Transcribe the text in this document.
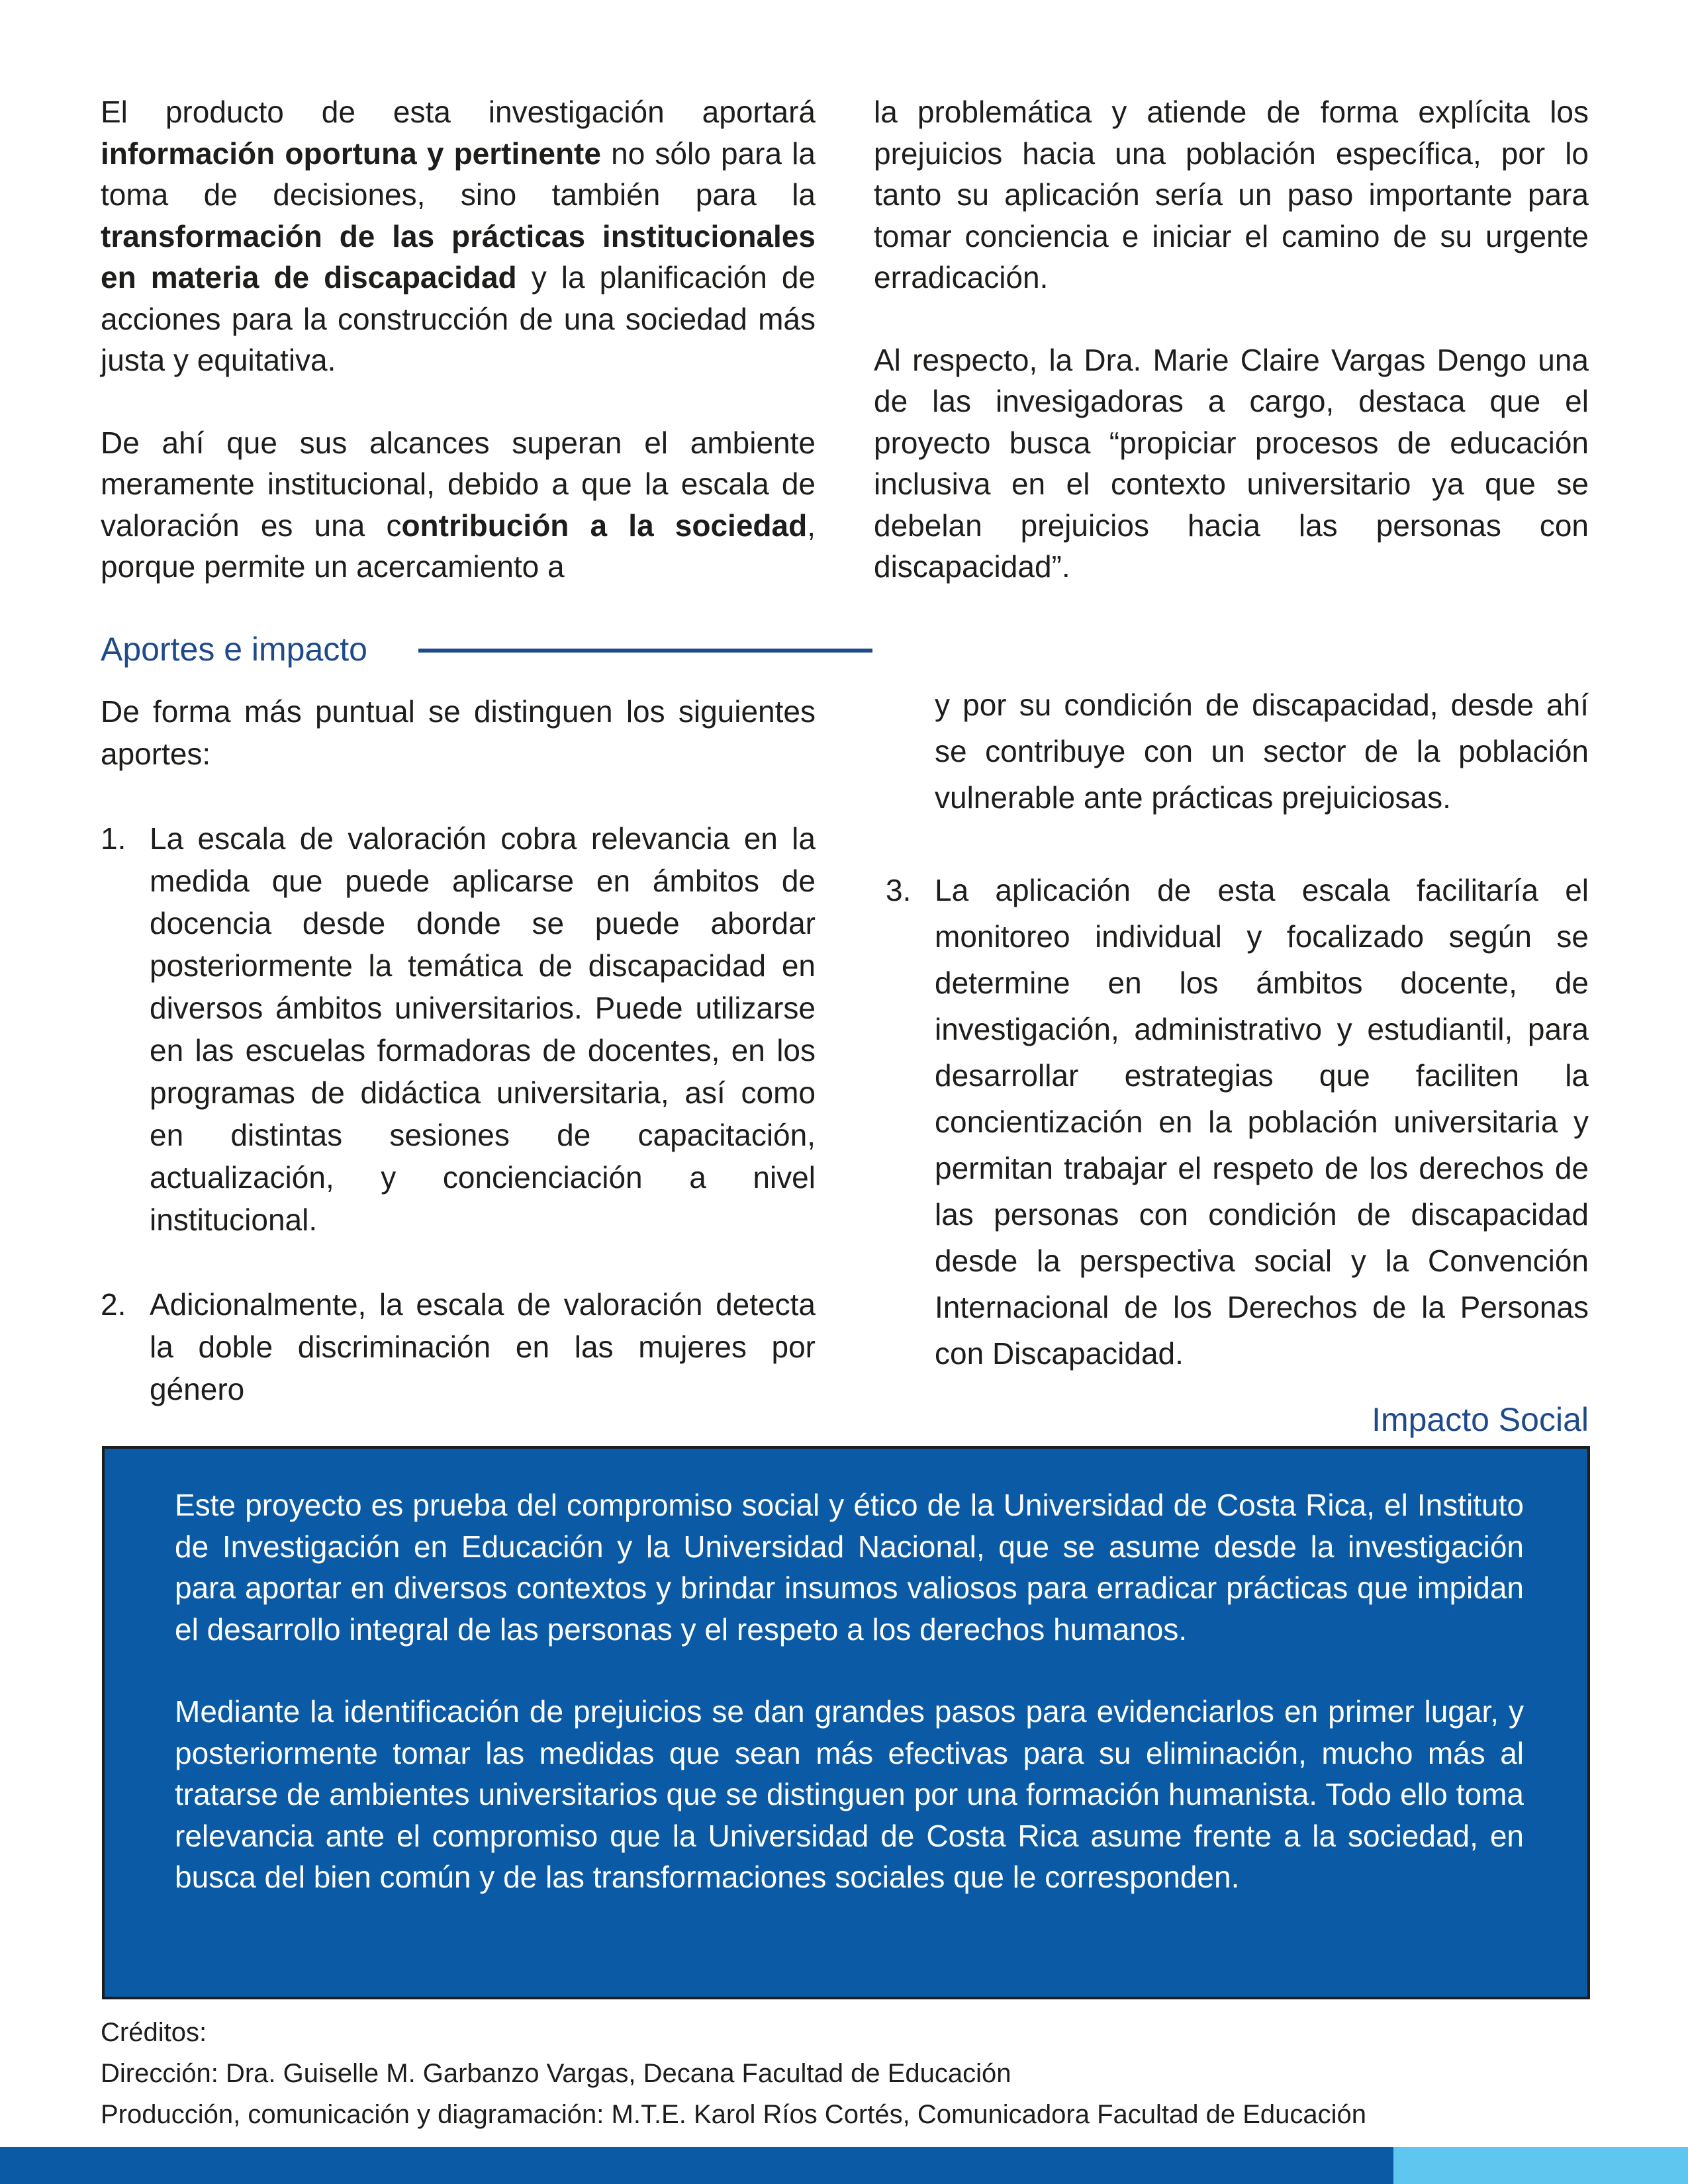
El producto de esta investigación aportará información oportuna y pertinente no sólo para la toma de decisiones, sino también para la transformación de las prácticas institucionales en materia de discapacidad y la planificación de acciones para la construcción de una sociedad más justa y equitativa.

De ahí que sus alcances superan el ambiente meramente institucional, debido a que la escala de valoración es una contribución a la sociedad, porque permite un acercamiento a

la problemática y atiende de forma explícita los prejuicios hacia una población específica, por lo tanto su aplicación sería un paso importante para tomar conciencia e iniciar el camino de su urgente erradicación.

Al respecto, la Dra. Marie Claire Vargas Dengo una de las invesigadoras a cargo, destaca que el proyecto busca “propiciar procesos de educación inclusiva en el contexto universitario ya que se debelan prejuicios hacia las personas con discapacidad”.

Aportes e impacto

De forma más puntual se distinguen los siguientes aportes:

1. La escala de valoración cobra relevancia en la medida que puede aplicarse en ámbitos de docencia desde donde se puede abordar posteriormente la temática de discapacidad en diversos ámbitos universitarios. Puede utilizarse en las escuelas formadoras de docentes, en los programas de didáctica universitaria, así como en distintas sesiones de capacitación, actualización, y concienciación a nivel institucional.
2. Adicionalmente, la escala de valoración detecta la doble discriminación en las mujeres por género

y por su condición de discapacidad, desde ahí se contribuye con un sector de la población vulnerable ante prácticas prejuiciosas.

3. La aplicación de esta escala facilitaría el monitoreo individual y focalizado según se determine en los ámbitos docente, de investigación, administrativo y estudiantil, para desarrollar estrategias que faciliten la concientización en la población universitaria y permitan trabajar el respeto de los derechos de las personas con condición de discapacidad desde la perspectiva social y la Convención Internacional de los Derechos de la Personas con Discapacidad.
Impacto Social

Este proyecto es prueba del compromiso social y ético de la Universidad de Costa Rica, el Instituto de Investigación en Educación y la Universidad Nacional, que se asume desde la investigación para aportar en diversos contextos y brindar insumos valiosos para erradicar prácticas que impidan el desarrollo integral de las personas y el respeto a los derechos humanos.

Mediante la identificación de prejuicios se dan grandes pasos para evidenciarlos en primer lugar, y posteriormente tomar las medidas que sean más efectivas para su eliminación, mucho más al tratarse de ambientes universitarios que se distinguen por una formación humanista. Todo ello toma relevancia ante el compromiso que la Universidad de Costa Rica asume frente a la sociedad, en busca del bien común y de las transformaciones sociales que le corresponden.

Créditos:
Dirección: Dra. Guiselle M. Garbanzo Vargas, Decana Facultad de Educación
Producción, comunicación y diagramación: M.T.E. Karol Ríos Cortés, Comunicadora Facultad de Educación
